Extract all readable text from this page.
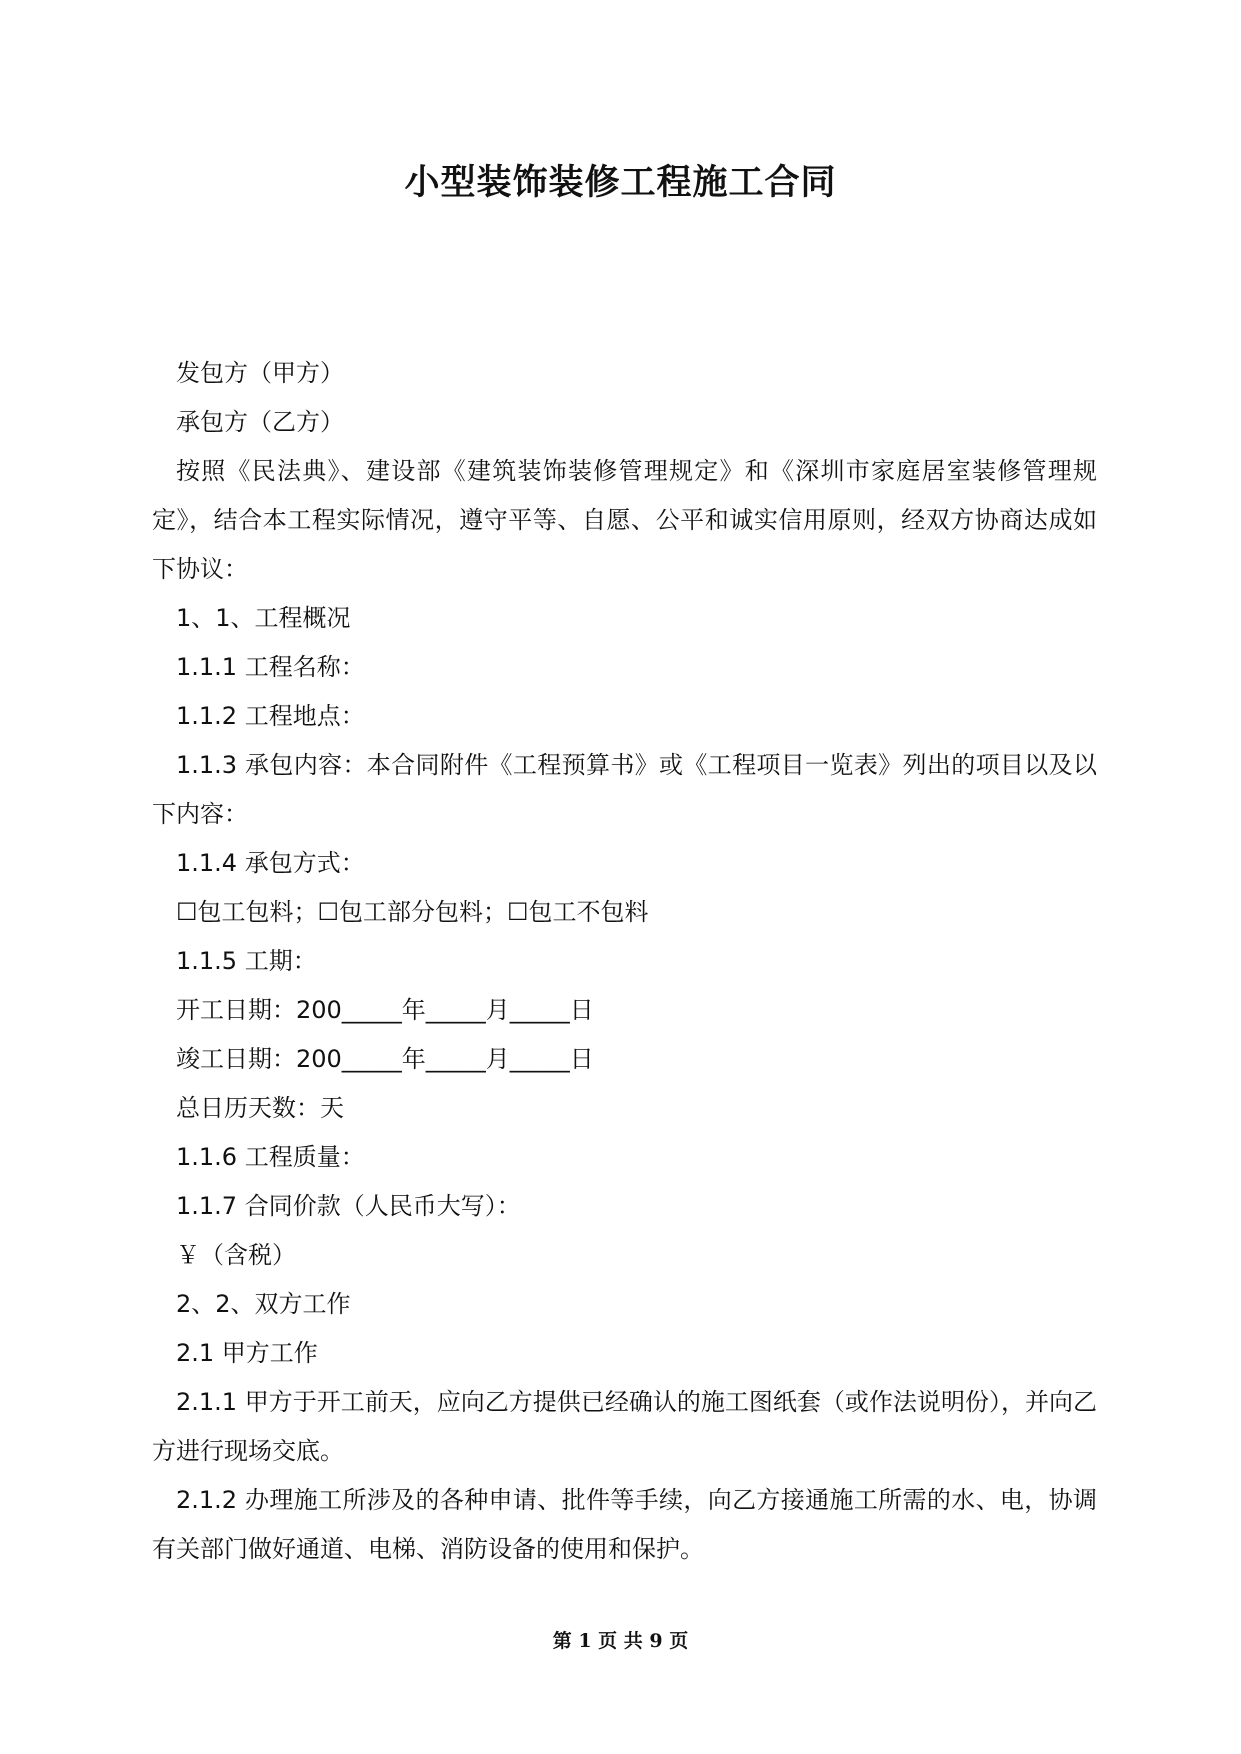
小型装饰装修工程施工合同

发包方（甲方）

承包方（乙方）

按照《民法典》、建设部《建筑装饰装修管理规定》和《深圳市家庭居室装修管理规定》，结合本工程实际情况，遵守平等、自愿、公平和诚实信用原则，经双方协商达成如下协议：

1、1、工程概况

1.1.1 工程名称：

1.1.2 工程地点：

1.1.3 承包内容：本合同附件《工程预算书》或《工程项目一览表》列出的项目以及以下内容：

1.1.4 承包方式：

☐包工包料；☐包工部分包料；☐包工不包料

1.1.5 工期：

开工日期：200_____年_____月_____日

竣工日期：200_____年_____月_____日

总日历天数：天

1.1.6 工程质量：

1.1.7 合同价款（人民币大写）：

￥（含税）

2、2、双方工作

2.1 甲方工作

2.1.1 甲方于开工前天，应向乙方提供已经确认的施工图纸套（或作法说明份），并向乙方进行现场交底。

2.1.2 办理施工所涉及的各种申请、批件等手续，向乙方接通施工所需的水、电，协调有关部门做好通道、电梯、消防设备的使用和保护。

第 1 页 共 9 页
